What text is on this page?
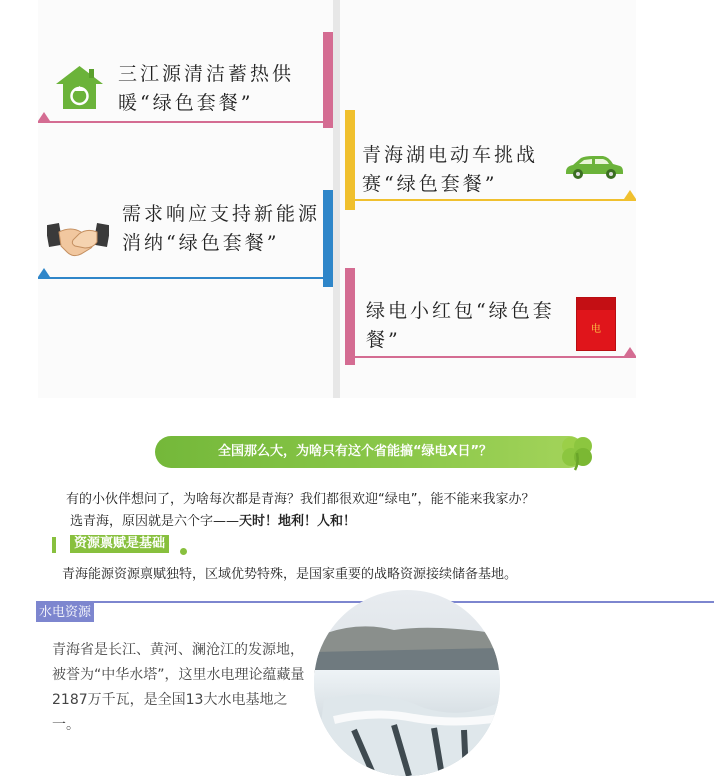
三江源清洁蓄热供暖“绿色套餐”
青海湖电动车挑战赛“绿色套餐”
需求响应支持新能源消纳“绿色套餐”
绿电小红包“绿色套餐”	电
全国那么大，为啥只有这个省能搞“绿电X日”？
有的小伙伴想问了，为啥每次都是青海？我们都很欢迎“绿电”，能不能来我家办？
选青海，原因就是六个字——天时！地利！人和！
资源禀赋是基础
青海能源资源禀赋独特，区域优势特殊，是国家重要的战略资源接续储备基地。
水电资源
青海省是长江、黄河、澜沧江的发源地，被誉为“中华水塔”，这里水电理论蕴藏量2187万千瓦，是全国13大水电基地之一。
